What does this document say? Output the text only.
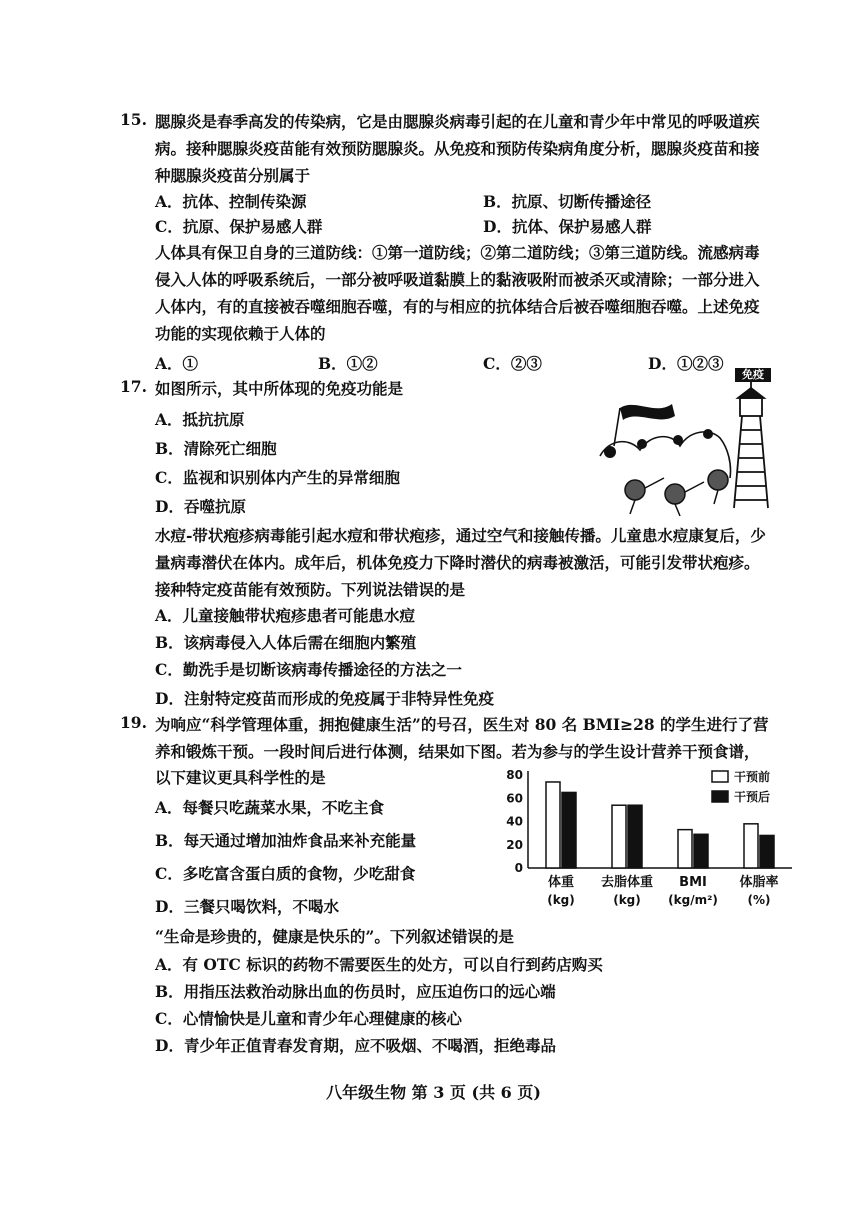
15. 腮腺炎是春季高发的传染病，它是由腮腺炎病毒引起的在儿童和青少年中常见的呼吸道疾
病。接种腮腺炎疫苗能有效预防腮腺炎。从免疫和预防传染病角度分析，腮腺炎疫苗和接
种腮腺炎疫苗分别属于
A．抗体、控制传染源	B．抗原、切断传播途径
C．抗原、保护易感人群	D．抗体、保护易感人群
人体具有保卫自身的三道防线：①第一道防线；②第二道防线；③第三道防线。流感病毒
侵入人体的呼吸系统后，一部分被呼吸道黏膜上的黏液吸附而被杀灭或清除；一部分进入
人体内，有的直接被吞噬细胞吞噬，有的与相应的抗体结合后被吞噬细胞吞噬。上述免疫
功能的实现依赖于人体的
A．①	B．①②	C．②③	D．①②③
17. 如图所示，其中所体现的免疫功能是
A．抵抗抗原
B．清除死亡细胞
C．监视和识别体内产生的异常细胞
D．吞噬抗原
免疫
水痘-带状疱疹病毒能引起水痘和带状疱疹，通过空气和接触传播。儿童患水痘康复后，少
量病毒潜伏在体内。成年后，机体免疫力下降时潜伏的病毒被激活，可能引发带状疱疹。
接种特定疫苗能有效预防。下列说法错误的是
A．儿童接触带状疱疹患者可能患水痘
B．该病毒侵入人体后需在细胞内繁殖
C．勤洗手是切断该病毒传播途径的方法之一
D．注射特定疫苗而形成的免疫属于非特异性免疫
19. 为响应“科学管理体重，拥抱健康生活”的号召，医生对 80 名 BMI≥28 的学生进行了营
养和锻炼干预。一段时间后进行体测，结果如下图。若为参与的学生设计营养干预食谱，
以下建议更具科学性的是
A．每餐只吃蔬菜水果，不吃主食
B．每天通过增加油炸食品来补充能量
C．多吃富含蛋白质的食物，少吃甜食
D．三餐只喝饮料，不喝水
0
20
40
60
80
体重
(kg)
去脂体重
(kg)
BMI
(kg/m²)
体脂率
(%)
干预前
干预后
“生命是珍贵的，健康是快乐的”。下列叙述错误的是
A．有 OTC 标识的药物不需要医生的处方，可以自行到药店购买
B．用指压法救治动脉出血的伤员时，应压迫伤口的远心端
C．心情愉快是儿童和青少年心理健康的核心
D．青少年正值青春发育期，应不吸烟、不喝酒，拒绝毒品
八年级生物 第 3 页 (共 6 页)
